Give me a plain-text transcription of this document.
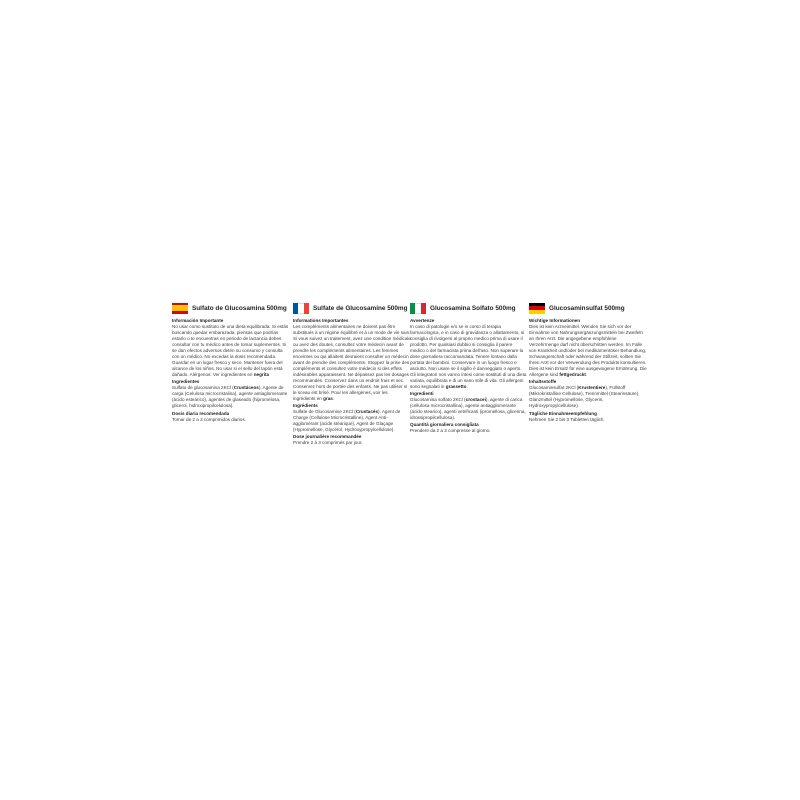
Sulfato de Glucosamina 500mg
Información Importante
No usar como sustituto de una dieta equilibrada. Si estás buscando quedar embarazada, piensas que podrías estarlo o te encuentras en periodo de lactancia debes consultar con tu médico antes de tomar suplementos. Si se dan efectos adversos detén su consumo y consulta con un médico. No excedas la dosis recomendada. Guardar en un lugar fresco y seco. Mantener fuera del alcance de los niños. No usar si el sello del tapón está dañado. Alérgenos: Ver ingredientes en negrita
Ingredientes
Sulfato de glucosamina 2KCl (Crustáceos), Agente de carga (Celulosa microcristalina), agente antiaglomerante (ácido esteárico), agentes de glaseado (hipromelosa, glicerol, hidroxipropilcelulosa).
Dosis diaria recomendada
Tomar de 2 a 3 comprimidos diarios.
Sulfate de Glucosamine 500mg
Informations Importantes
Les compléments alimentaires ne doivent pas être substitués à un régime équilibré et à un mode de vie sain. Si vous suivez un traitement, avez une condition médicale ou avez des doutes, consultez votre médecin avant de prendre les compléments alimentaires. Les femmes enceintes ou qui allaitent devraient consulter un médecin avant de prendre des compléments. Stoppez la prise des compléments et consultez votre médecin si des effets indésirables apparaissent. Ne dépassez pas les dosages recommandés. Conservez dans un endroit frais et sec. Conservez hors de portée des enfants. Ne pas utiliser si le sceau est brisé. Pour les allergènes, voir les ingrédients en gras.
Ingrédients
Sulfate de Glucosamine 2KCl (Crustacés), Agent de Charge (Cellulose Microcristalline), Agent Anti-agglomérant (acide stéarique), Agent de Glaçage (Hypromellose, Glycérol, Hydroxypropylcellulose).
Dose journalière recommandée
Prendre 2 à 3 comprimés par jour.
Glucosamina Solfato 500mg
Avvertenze
In caso di patologie e/o se in corso di terapia farmacologica, e in caso di gravidanza o allattamento, si consiglia di rivolgersi al proprio medico prima di usare il prodotto. Per qualsiasi dubbio si consiglia il parere medico o del farmacista prima dell'uso. Non superare la dose giornaliera raccomandata. Tenere lontano dalla portata dei bambini. Conservare in un luogo fresco e asciutto. Non usare se il sigillo è danneggiato o aperto. Gli integratori non vanno intesi come sostituti di una dieta variata, equilibrata e di un sano stile di vita. Gli allergeni sono segnalati in grassetto.
Ingredienti
Glucosamina solfato 2KCl (crostacei), agente di carica (cellulosa microcristallina), agente antiagglomerante (acido stearico), agenti vetrificanti (ipromellosa, glicerina, idrossipropilcellulosa).
Quantità giornaliera consigliata
Prendere da 2 a 3 compresse al giorno.
Glucosaminsulfat 500mg
Wichtige Informationen
Dies ist kein Arzneimittel. Wenden Sie sich vor der Einnahme von Nahrungsergänzungsmitteln bei Zweifeln an Ihren Arzt. Die angegebene empfohlene Verzehrmenge darf nicht überschritten werden. Im Falle von Krankheit und/oder bei medikamentöser Behandlung, Schwangerschaft oder während der Stillzeit, sollten Sie Ihren Arzt vor der Verwendung des Produkts konsultieren. Dies ist kein Ersatz für eine ausgewogene Ernährung. Die Allergene sind fettgedruckt.
Inhaltsstoffe
Glucosaminsulfat 2KCl (Krustentiere), Füllstoff (Mikrokristalline Cellulose), Trennmittel (Stearinsäure), Glanzmittel (Hypromellose, Glycerin, Hydroxypropylcellulose).
Tägliche Einnahmeempfehlung
Nehmen Sie 2 bis 3 Tabletten täglich.
